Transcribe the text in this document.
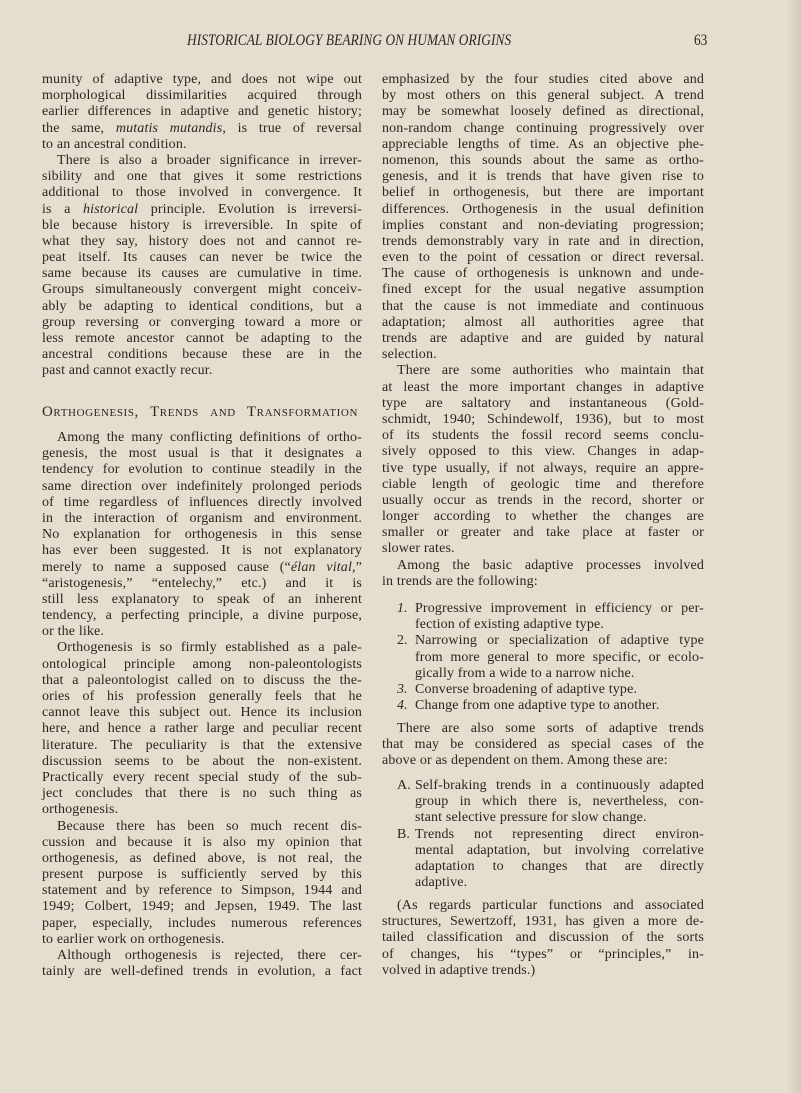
HISTORICAL BIOLOGY BEARING ON HUMAN ORIGINS	63
munity of adaptive type, and does not wipe out
morphological dissimilarities acquired through
earlier differences in adaptive and genetic history;
the same, mutatis mutandis, is true of reversal
to an ancestral condition.
There is also a broader significance in irrever-
sibility and one that gives it some restrictions
additional to those involved in convergence. It
is a historical principle. Evolution is irreversi-
ble because history is irreversible. In spite of
what they say, history does not and cannot re-
peat itself. Its causes can never be twice the
same because its causes are cumulative in time.
Groups simultaneously convergent might conceiv-
ably be adapting to identical conditions, but a
group reversing or converging toward a more or
less remote ancestor cannot be adapting to the
ancestral conditions because these are in the
past and cannot exactly recur.
Orthogenesis, Trends and Transformation
Among the many conflicting definitions of ortho-
genesis, the most usual is that it designates a
tendency for evolution to continue steadily in the
same direction over indefinitely prolonged periods
of time regardless of influences directly involved
in the interaction of organism and environment.
No explanation for orthogenesis in this sense
has ever been suggested. It is not explanatory
merely to name a supposed cause (“élan vital,”
“aristogenesis,” “entelechy,” etc.) and it is
still less explanatory to speak of an inherent
tendency, a perfecting principle, a divine purpose,
or the like.
Orthogenesis is so firmly established as a pale-
ontological principle among non-paleontologists
that a paleontologist called on to discuss the the-
ories of his profession generally feels that he
cannot leave this subject out. Hence its inclusion
here, and hence a rather large and peculiar recent
literature. The peculiarity is that the extensive
discussion seems to be about the non-existent.
Practically every recent special study of the sub-
ject concludes that there is no such thing as
orthogenesis.
Because there has been so much recent dis-
cussion and because it is also my opinion that
orthogenesis, as defined above, is not real, the
present purpose is sufficiently served by this
statement and by reference to Simpson, 1944 and
1949; Colbert, 1949; and Jepsen, 1949. The last
paper, especially, includes numerous references
to earlier work on orthogenesis.
Although orthogenesis is rejected, there cer-
tainly are well-defined trends in evolution, a fact
emphasized by the four studies cited above and
by most others on this general subject. A trend
may be somewhat loosely defined as directional,
non-random change continuing progressively over
appreciable lengths of time. As an objective phe-
nomenon, this sounds about the same as ortho-
genesis, and it is trends that have given rise to
belief in orthogenesis, but there are important
differences. Orthogenesis in the usual definition
implies constant and non-deviating progression;
trends demonstrably vary in rate and in direction,
even to the point of cessation or direct reversal.
The cause of orthogenesis is unknown and unde-
fined except for the usual negative assumption
that the cause is not immediate and continuous
adaptation; almost all authorities agree that
trends are adaptive and are guided by natural
selection.
There are some authorities who maintain that
at least the more important changes in adaptive
type are saltatory and instantaneous (Gold-
schmidt, 1940; Schindewolf, 1936), but to most
of its students the fossil record seems conclu-
sively opposed to this view. Changes in adap-
tive type usually, if not always, require an appre-
ciable length of geologic time and therefore
usually occur as trends in the record, shorter or
longer according to whether the changes are
smaller or greater and take place at faster or
slower rates.
Among the basic adaptive processes involved
in trends are the following:
1. Progressive improvement in efficiency or per-
fection of existing adaptive type.
2. Narrowing or specialization of adaptive type
from more general to more specific, or ecolo-
gically from a wide to a narrow niche.
3. Converse broadening of adaptive type.
4. Change from one adaptive type to another.
There are also some sorts of adaptive trends
that may be considered as special cases of the
above or as dependent on them. Among these are:
A. Self-braking trends in a continuously adapted
group in which there is, nevertheless, con-
stant selective pressure for slow change.
B. Trends not representing direct environ-
mental adaptation, but involving correlative
adaptation to changes that are directly
adaptive.
(As regards particular functions and associated
structures, Sewertzoff, 1931, has given a more de-
tailed classification and discussion of the sorts
of changes, his “types” or “principles,” in-
volved in adaptive trends.)
